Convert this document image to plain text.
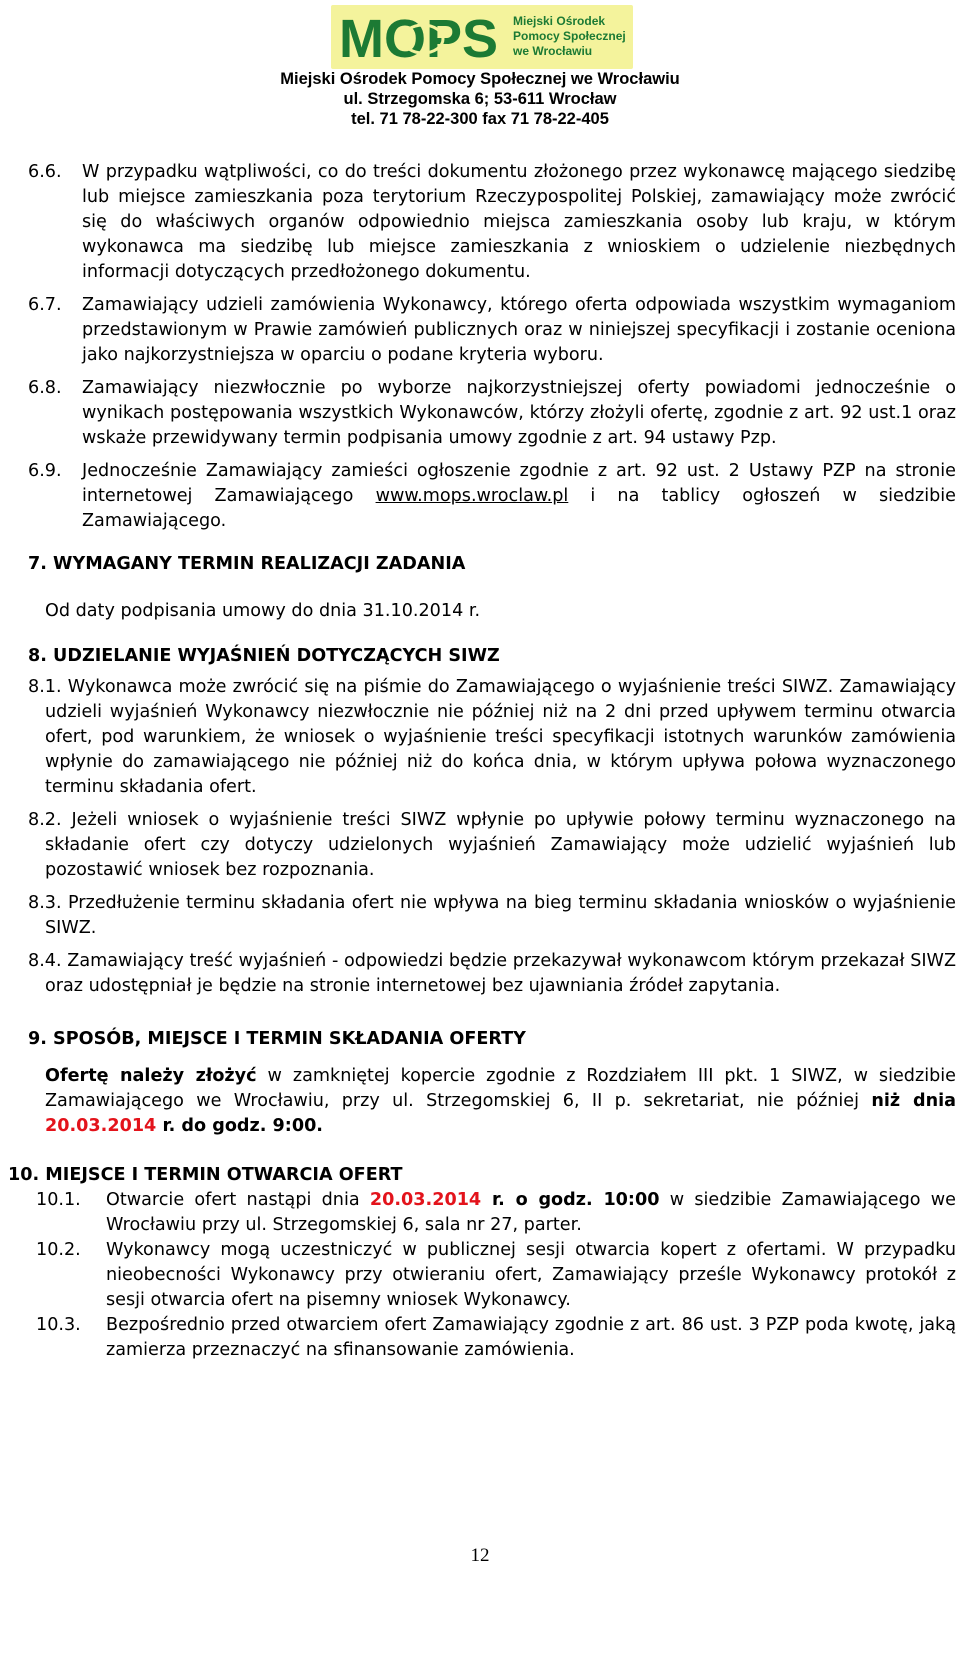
MOPS Miejski Ośrodek
Pomocy Społecznej
we Wrocławiu
Miejski Ośrodek Pomocy Społecznej we Wrocławiu
ul. Strzegomska 6; 53-611 Wrocław
tel. 71 78-22-300 fax 71 78-22-405
6.6. W przypadku wątpliwości, co do treści dokumentu złożonego przez wykonawcę mającego siedzibę lub miejsce zamieszkania poza terytorium Rzeczypospolitej Polskiej, zamawiający może zwrócić się do właściwych organów odpowiednio miejsca zamieszkania osoby lub kraju, w którym wykonawca ma siedzibę lub miejsce zamieszkania z wnioskiem o udzielenie niezbędnych informacji dotyczących przedłożonego dokumentu.
6.7. Zamawiający udzieli zamówienia Wykonawcy, którego oferta odpowiada wszystkim wymaganiom przedstawionym w Prawie zamówień publicznych oraz w niniejszej specyfikacji i zostanie oceniona jako najkorzystniejsza w oparciu o podane kryteria wyboru.
6.8. Zamawiający niezwłocznie po wyborze najkorzystniejszej oferty powiadomi jednocześnie o wynikach postępowania wszystkich Wykonawców, którzy złożyli ofertę, zgodnie z art. 92 ust.1 oraz wskaże przewidywany termin podpisania umowy zgodnie z art. 94 ustawy Pzp.
6.9. Jednocześnie Zamawiający zamieści ogłoszenie zgodnie z art. 92 ust. 2 Ustawy PZP na stronie internetowej Zamawiającego www.mops.wroclaw.pl i na tablicy ogłoszeń w siedzibie Zamawiającego.
7. WYMAGANY TERMIN REALIZACJI ZADANIA
Od daty podpisania umowy do dnia 31.10.2014 r.
8. UDZIELANIE WYJAŚNIEŃ DOTYCZĄCYCH SIWZ
8.1. Wykonawca może zwrócić się na piśmie do Zamawiającego o wyjaśnienie treści SIWZ. Zamawiający udzieli wyjaśnień Wykonawcy niezwłocznie nie później niż na 2 dni przed upływem terminu otwarcia ofert, pod warunkiem, że wniosek o wyjaśnienie treści specyfikacji istotnych warunków zamówienia wpłynie do zamawiającego nie później niż do końca dnia, w którym upływa połowa wyznaczonego terminu składania ofert.
8.2. Jeżeli wniosek o wyjaśnienie treści SIWZ wpłynie po upływie połowy terminu wyznaczonego na składanie ofert czy dotyczy udzielonych wyjaśnień Zamawiający może udzielić wyjaśnień lub pozostawić wniosek bez rozpoznania.
8.3. Przedłużenie terminu składania ofert nie wpływa na bieg terminu składania wniosków o wyjaśnienie SIWZ.
8.4. Zamawiający treść wyjaśnień - odpowiedzi będzie przekazywał wykonawcom którym przekazał SIWZ oraz udostępniał je będzie na stronie internetowej bez ujawniania źródeł zapytania.
9. SPOSÓB, MIEJSCE I TERMIN SKŁADANIA OFERTY
Ofertę należy złożyć w zamkniętej kopercie zgodnie z Rozdziałem III pkt. 1 SIWZ, w siedzibie Zamawiającego we Wrocławiu, przy ul. Strzegomskiej 6, II p. sekretariat, nie później niż dnia 20.03.2014 r. do godz. 9:00.
10. MIEJSCE I TERMIN OTWARCIA OFERT
10.1. Otwarcie ofert nastąpi dnia 20.03.2014 r. o godz. 10:00 w siedzibie Zamawiającego we Wrocławiu przy ul. Strzegomskiej 6, sala nr 27, parter.
10.2. Wykonawcy mogą uczestniczyć w publicznej sesji otwarcia kopert z ofertami. W przypadku nieobecności Wykonawcy przy otwieraniu ofert, Zamawiający prześle Wykonawcy protokół z sesji otwarcia ofert na pisemny wniosek Wykonawcy.
10.3. Bezpośrednio przed otwarciem ofert Zamawiający zgodnie z art. 86 ust. 3 PZP poda kwotę, jaką zamierza przeznaczyć na sfinansowanie zamówienia.
12
